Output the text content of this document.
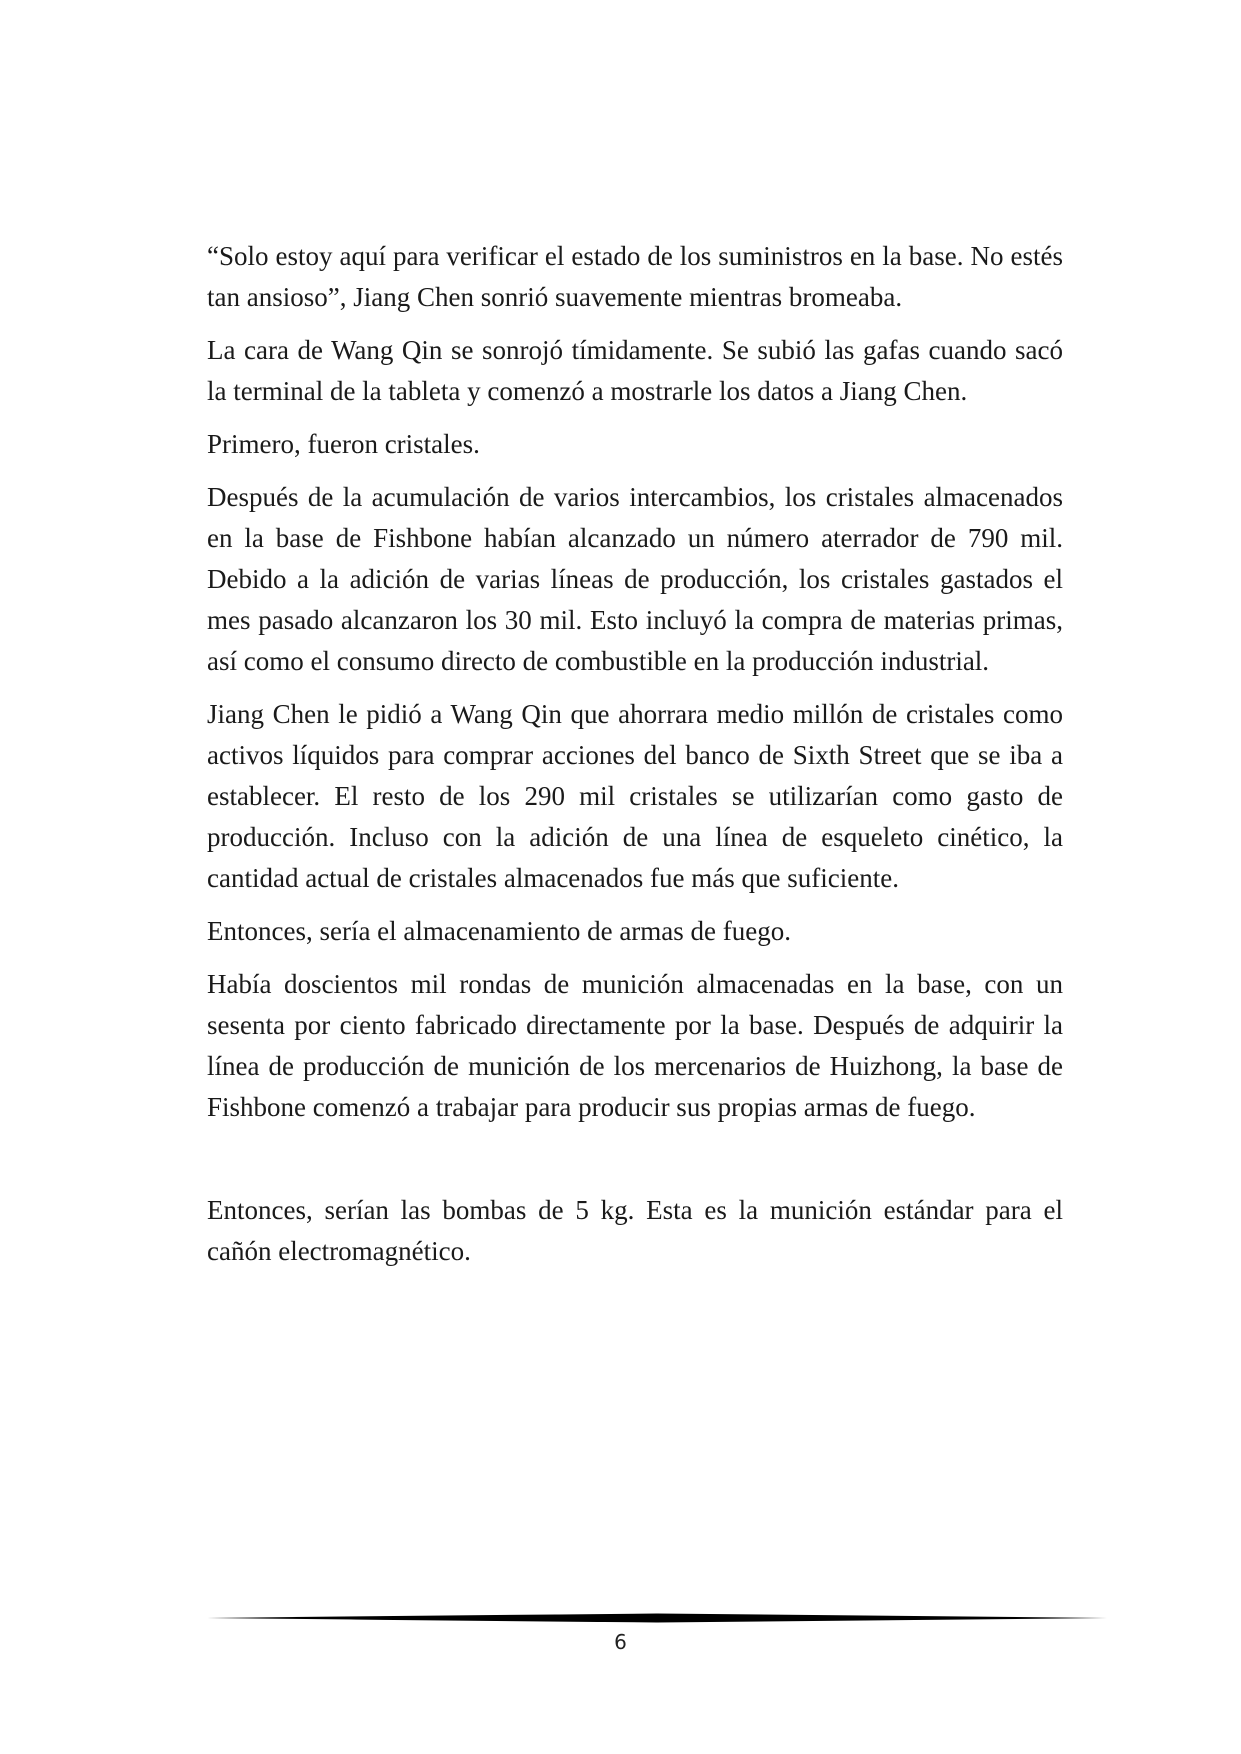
“Solo estoy aquí para verificar el estado de los suministros en la base. No estés tan ansioso”, Jiang Chen sonrió suavemente mientras bromeaba.

La cara de Wang Qin se sonrojó tímidamente. Se subió las gafas cuando sacó la terminal de la tableta y comenzó a mostrarle los datos a Jiang Chen.

Primero, fueron cristales.

Después de la acumulación de varios intercambios, los cristales almacenados en la base de Fishbone habían alcanzado un número aterrador de 790 mil. Debido a la adición de varias líneas de producción, los cristales gastados el mes pasado alcanzaron los 30 mil. Esto incluyó la compra de materias primas, así como el consumo directo de combustible en la producción industrial.

Jiang Chen le pidió a Wang Qin que ahorrara medio millón de cristales como activos líquidos para comprar acciones del banco de Sixth Street que se iba a establecer. El resto de los 290 mil cristales se utilizarían como gasto de producción. Incluso con la adición de una línea de esqueleto cinético, la cantidad actual de cristales almacenados fue más que suficiente.

Entonces, sería el almacenamiento de armas de fuego.

Había doscientos mil rondas de munición almacenadas en la base, con un sesenta por ciento fabricado directamente por la base. Después de adquirir la línea de producción de munición de los mercenarios de Huizhong, la base de Fishbone comenzó a trabajar para producir sus propias armas de fuego.

Entonces, serían las bombas de 5 kg. Esta es la munición estándar para el cañón electromagnético.

6
